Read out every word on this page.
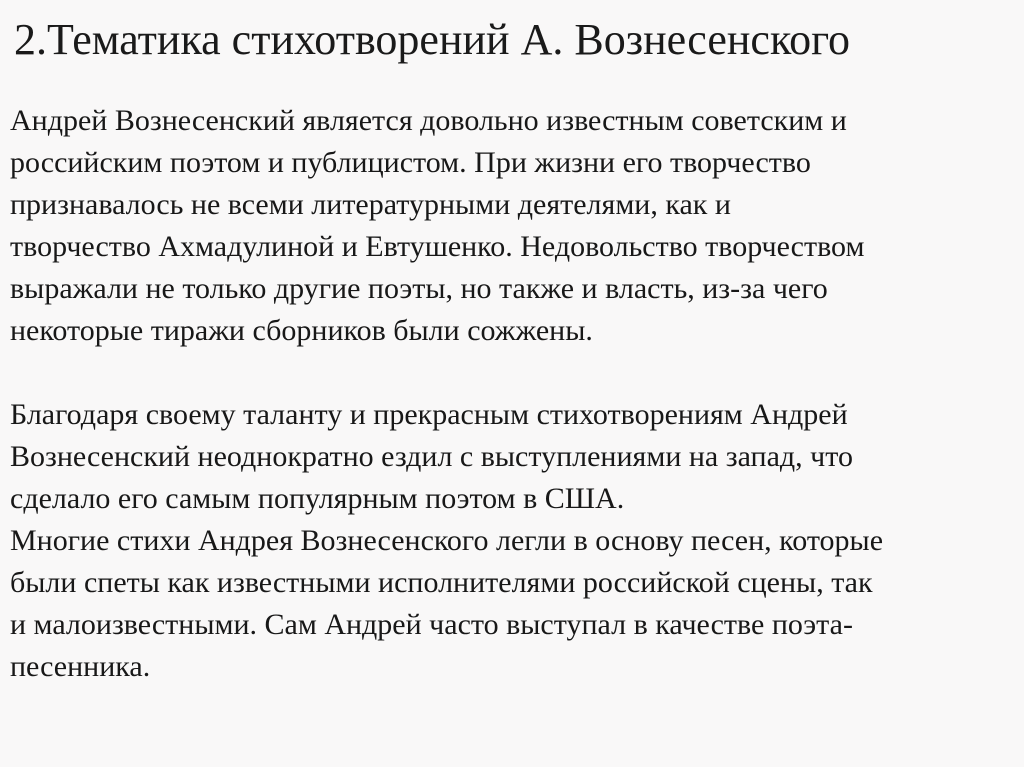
2.Тематика стихотворений А. Вознесенского

Андрей Вознесенский является довольно известным советским и
российским поэтом и публицистом. При жизни его творчество
признавалось не всеми литературными деятелями, как и
творчество Ахмадулиной и Евтушенко. Недовольство творчеством
выражали не только другие поэты, но также и власть, из-за чего
некоторые тиражи сборников были сожжены.

Благодаря своему таланту и прекрасным стихотворениям Андрей
Вознесенский неоднократно ездил с выступлениями на запад, что
сделало его самым популярным поэтом в США.

Многие стихи Андрея Вознесенского легли в основу песен, которые
были спеты как известными исполнителями российской сцены, так
и малоизвестными. Сам Андрей часто выступал в качестве поэта-
песенника.
